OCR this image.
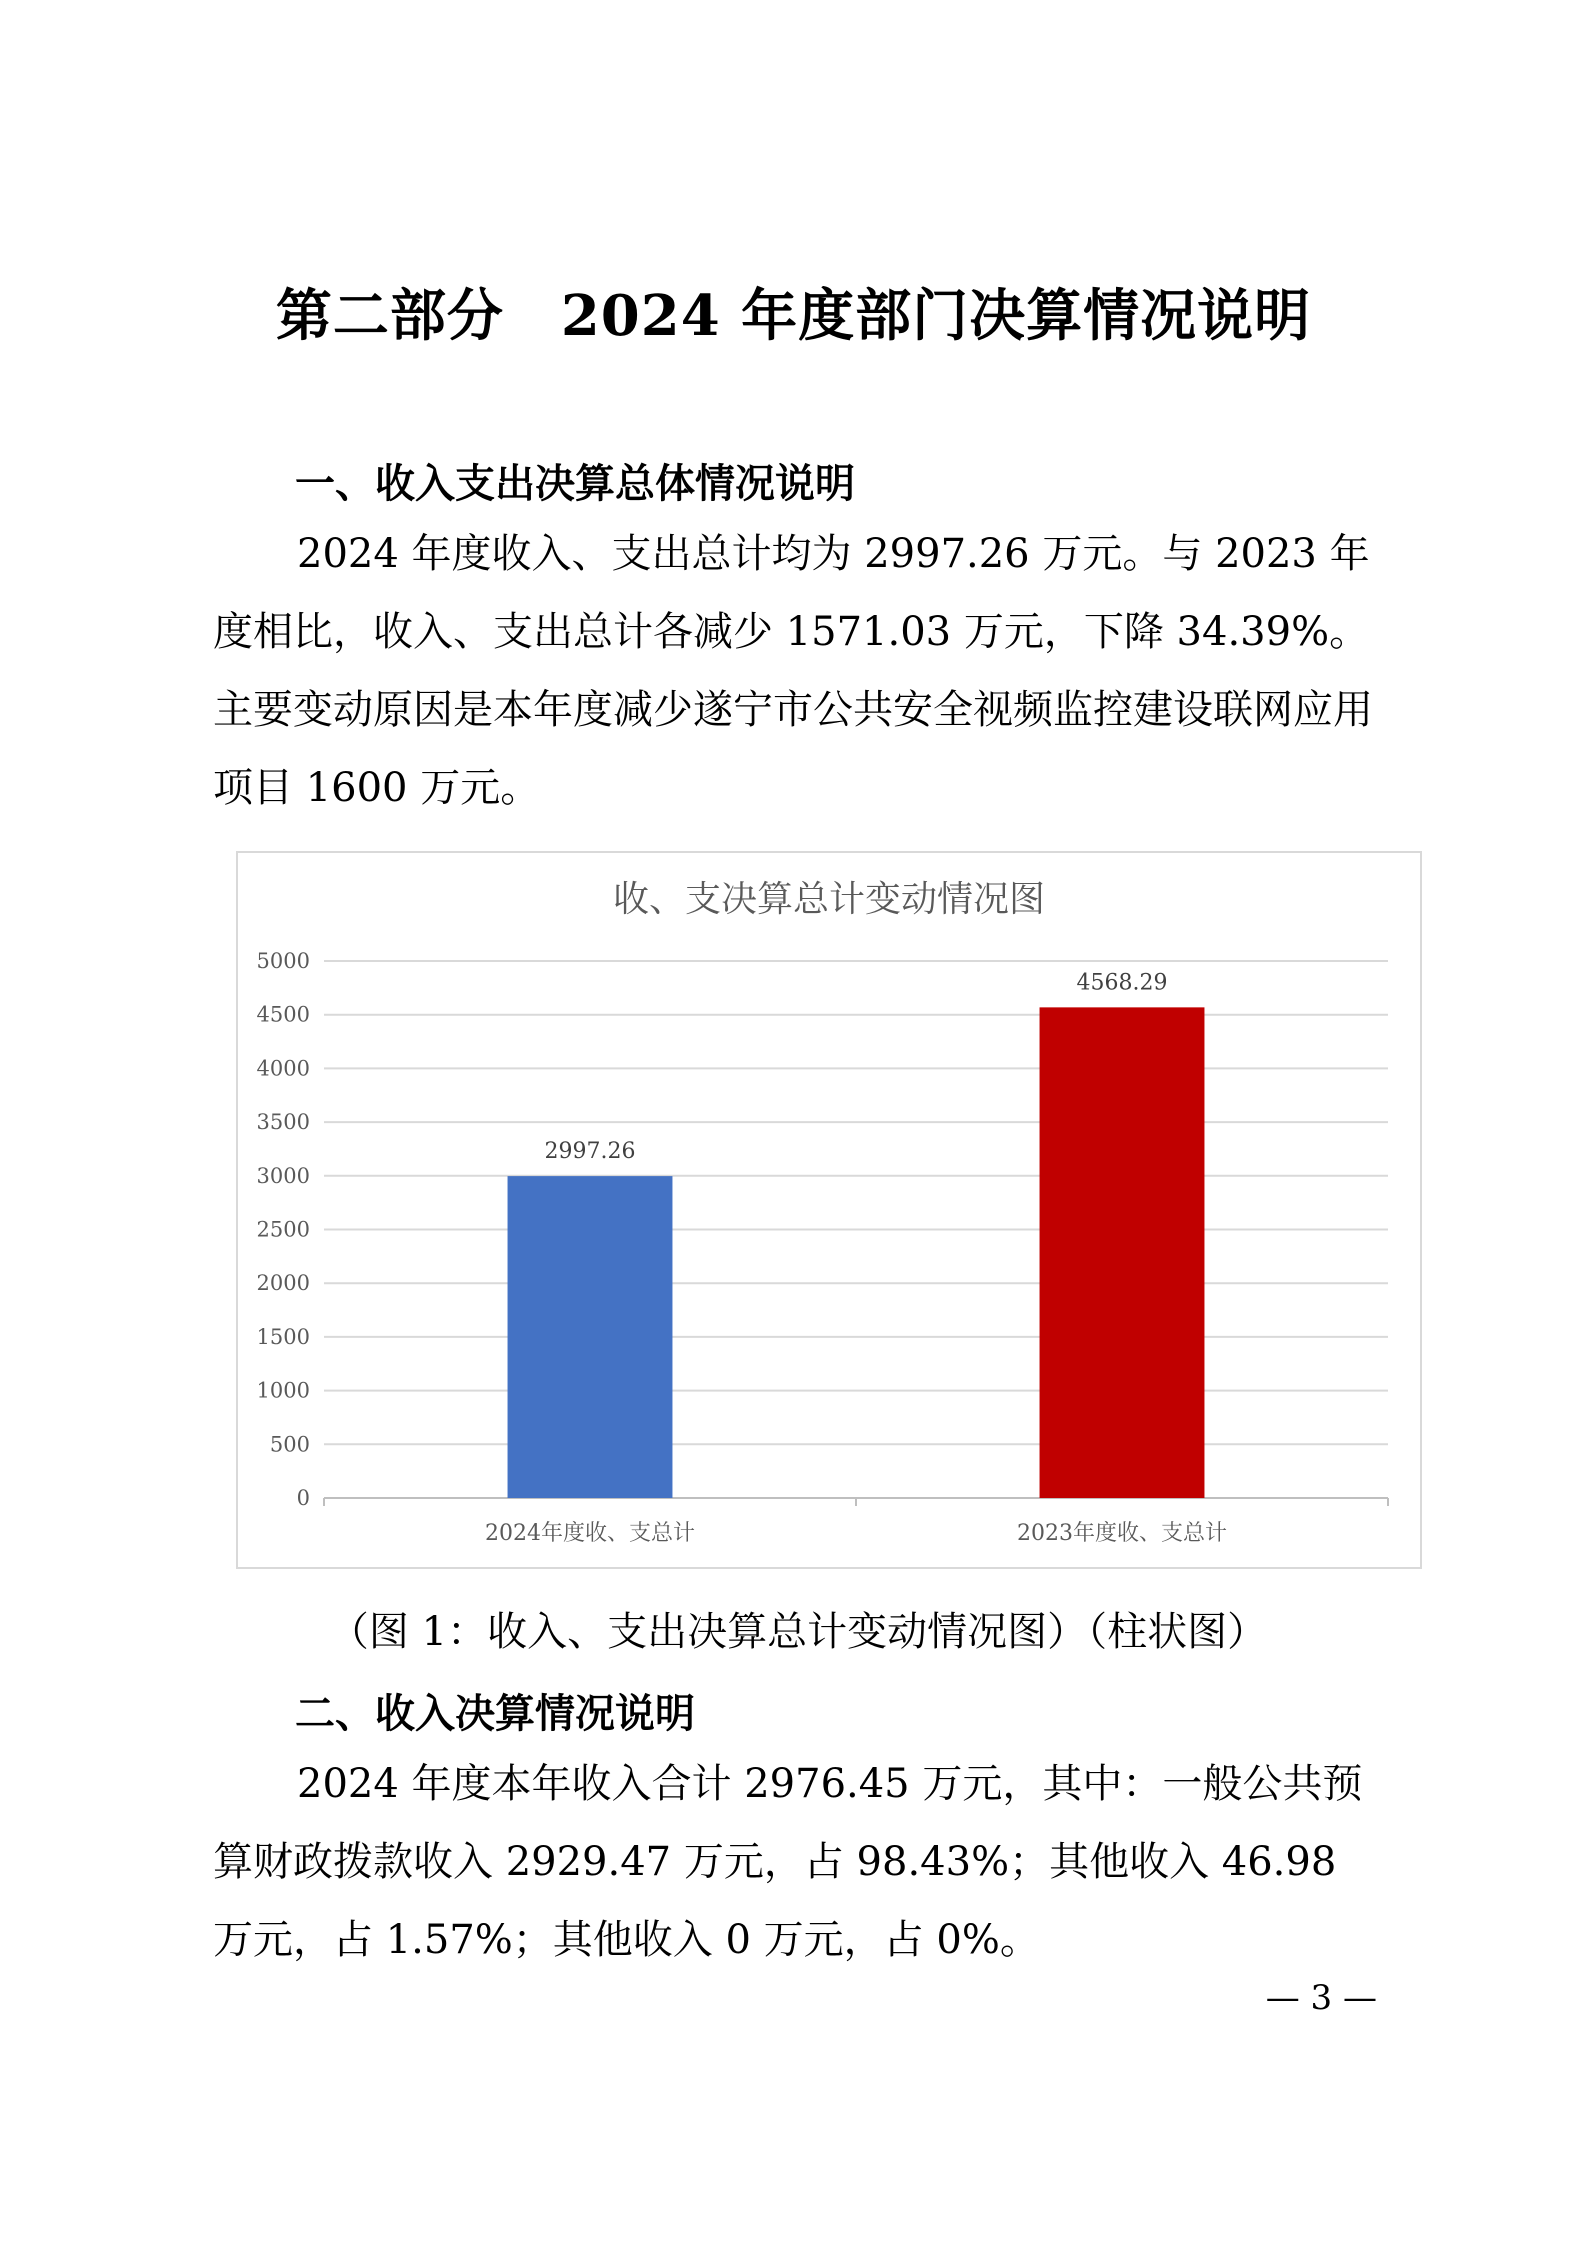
第二部分　2024 年度部门决算情况说明
一、收入支出决算总体情况说明

2024 年度收入、支出总计均为 2997.26 万元。与 2023 年度相比，收入、支出总计各减少 1571.03 万元，下降 34.39%。主要变动原因是本年度减少遂宁市公共安全视频监控建设联网应用项目 1600 万元。

收、支决算总计变动情况图
0
500
1000
1500
2000
2500
3000
3500
4000
4500
5000
2997.26
2024年度收、支总计
4568.29
2023年度收、支总计
（图 1：收入、支出决算总计变动情况图）（柱状图）
二、收入决算情况说明

2024 年度本年收入合计 2976.45 万元，其中：一般公共预算财政拨款收入 2929.47 万元，占 98.43%；其他收入 46.98 万元，占 1.57%；其他收入 0 万元，占 0%。

— 3 —
